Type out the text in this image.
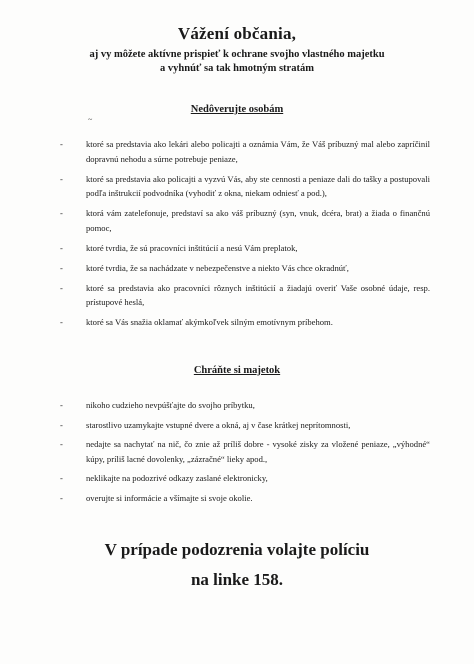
Vážení občania,
aj vy môžete aktívne prispieť k ochrane svojho vlastného majetku
a vyhnúť sa tak hmotným stratám
Nedôverujte osobám
~
-	ktoré sa predstavia ako lekári alebo policajti a oznámia Vám, že Váš príbuzný mal alebo zapríčinil dopravnú nehodu a súrne potrebuje peniaze,
-	ktoré sa predstavia ako policajti a vyzvú Vás, aby ste cennosti a peniaze dali do tašky a postupovali podľa inštrukcií podvodníka (vyhodiť z okna, niekam odniesť a pod.),
-	ktorá vám zatelefonuje, predstaví sa ako váš príbuzný (syn, vnuk, dcéra, brat) a žiada o finančnú pomoc,
-	ktoré tvrdia, že sú pracovníci inštitúcií a nesú Vám preplatok,
-	ktoré tvrdia, že sa nachádzate v nebezpečenstve a niekto Vás chce okradnúť,
-	ktoré sa predstavia ako pracovníci rôznych inštitúcií a žiadajú overiť Vaše osobné údaje, resp. prístupové heslá,
-	ktoré sa Vás snažia oklamať akýmkoľvek silným emotívnym príbehom.
Chráňte si majetok
-	nikoho cudzieho nevpúšťajte do svojho príbytku,
-	starostlivo uzamykajte vstupné dvere a okná, aj v čase krátkej neprítomnosti,
-	nedajte sa nachytať na nič, čo znie až príliš dobre - vysoké zisky za vložené peniaze, „výhodné“ kúpy, príliš lacné dovolenky, „zázračné“ lieky apod.,
-	neklikajte na podozrivé odkazy zaslané elektronicky,
-	overujte si informácie a všímajte si svoje okolie.
V prípade podozrenia volajte políciu
na linke 158.
